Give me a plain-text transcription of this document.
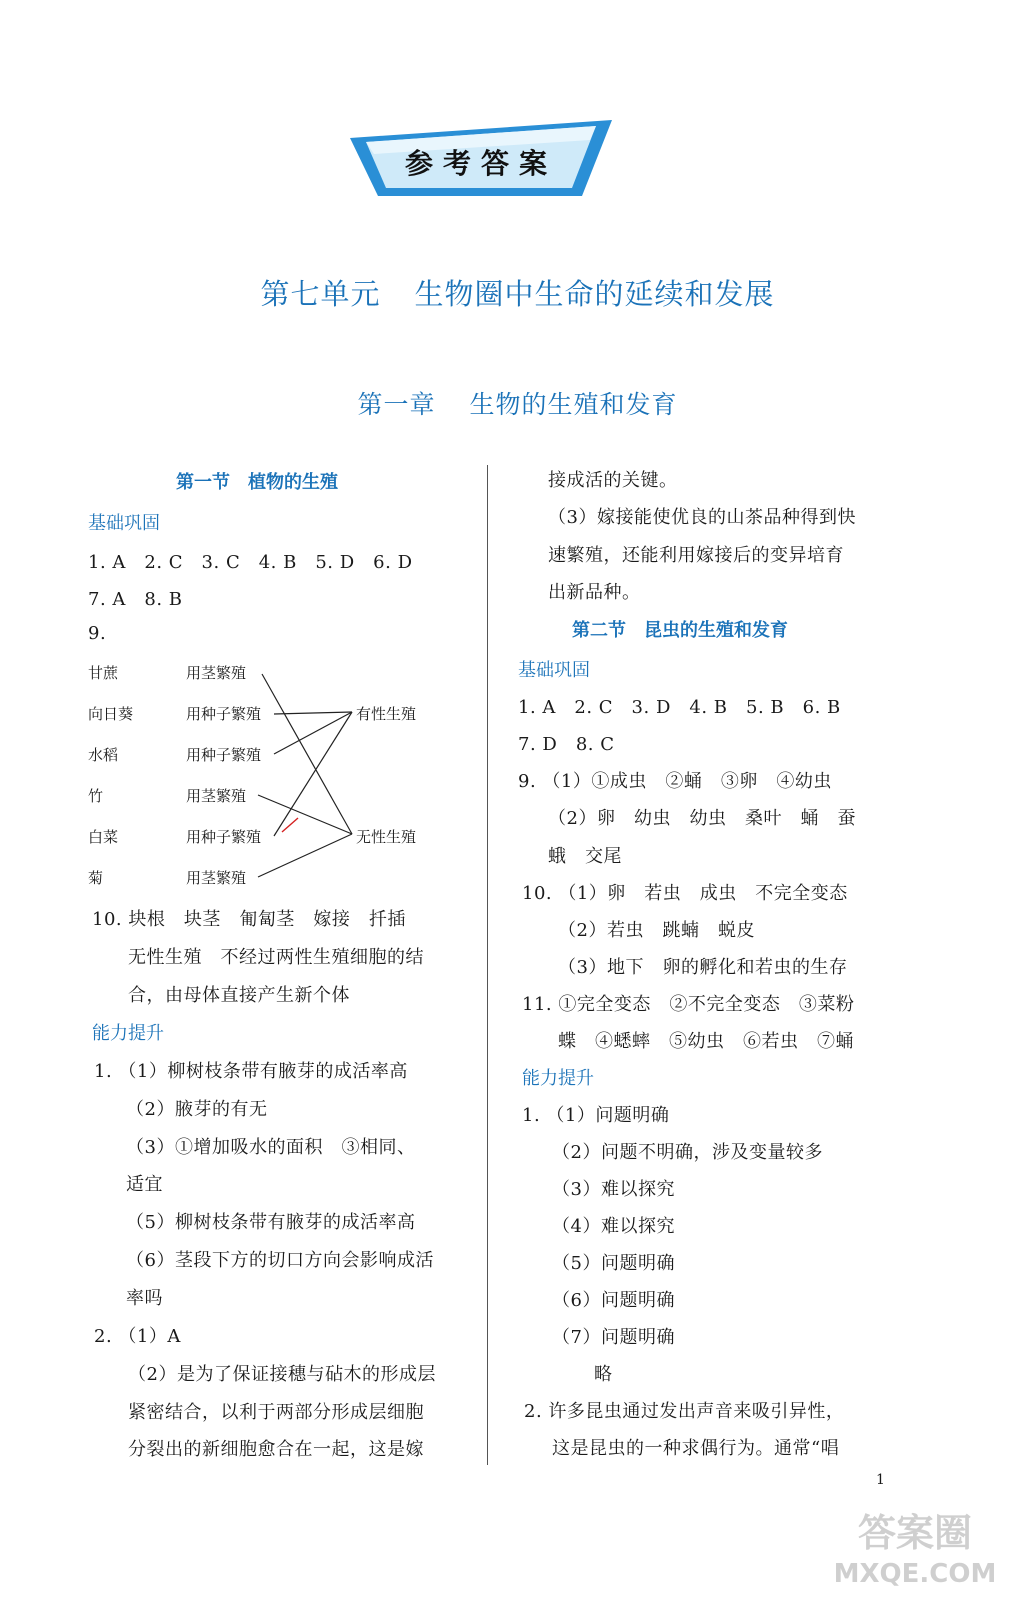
参考答案
第七单元 生物圈中生命的延续和发展
第一章 生物的生殖和发育
第一节　植物的生殖
基础巩固
1. A　2. C　3. C　4. B　5. D　6. D
7. A　8. B
9.
甘蔗
向日葵
水稻
竹
白菜
菊
用茎繁殖
用种子繁殖
用种子繁殖
用茎繁殖
用种子繁殖
用茎繁殖
有性生殖
无性生殖
10. 块根　块茎　匍匐茎　嫁接　扦插
无性生殖　不经过两性生殖细胞的结
合，由母体直接产生新个体
能力提升
1. （1）柳树枝条带有腋芽的成活率高
（2）腋芽的有无
（3）①增加吸水的面积　③相同、
适宜
（5）柳树枝条带有腋芽的成活率高
（6）茎段下方的切口方向会影响成活
率吗
2. （1）A
（2）是为了保证接穗与砧木的形成层
紧密结合，以利于两部分形成层细胞
分裂出的新细胞愈合在一起，这是嫁
接成活的关键。
（3）嫁接能使优良的山茶品种得到快
速繁殖，还能利用嫁接后的变异培育
出新品种。
第二节　昆虫的生殖和发育
基础巩固
1. A　2. C　3. D　4. B　5. B　6. B
7. D　8. C
9. （1）①成虫　②蛹　③卵　④幼虫
（2）卵　幼虫　幼虫　桑叶　蛹　蚕
蛾　交尾
10. （1）卵　若虫　成虫　不完全变态
（2）若虫　跳蝻　蜕皮
（3）地下　卵的孵化和若虫的生存
11. ①完全变态　②不完全变态　③菜粉
蝶　④蟋蟀　⑤幼虫　⑥若虫　⑦蛹
能力提升
1. （1）问题明确
（2）问题不明确，涉及变量较多
（3）难以探究
（4）难以探究
（5）问题明确
（6）问题明确
（7）问题明确
略
2. 许多昆虫通过发出声音来吸引异性，
这是昆虫的一种求偶行为。通常“唱
1
答案圈
MXQE.COM
